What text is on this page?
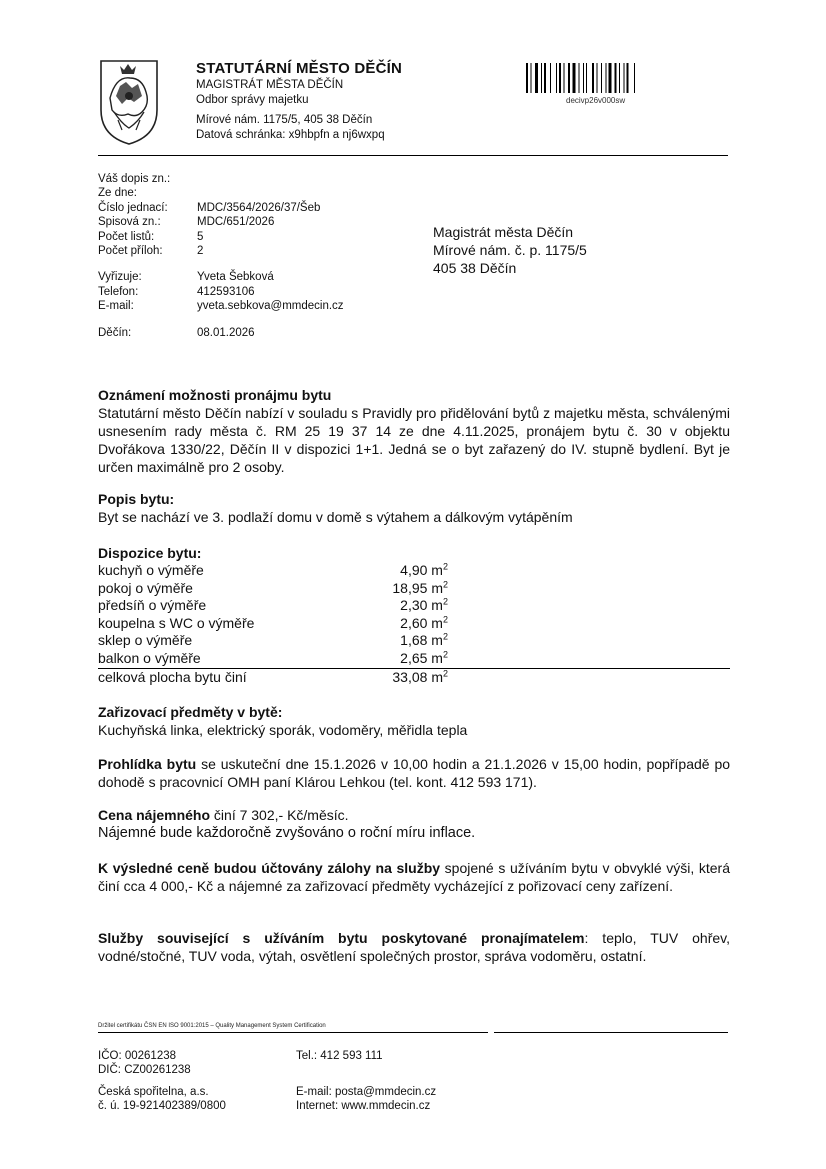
STATUTÁRNÍ MĚSTO DĚČÍN
MAGISTRÁT MĚSTA DĚČÍN
Odbor správy majetku
Mírové nám. 1175/5, 405 38 Děčín
Datová schránka: x9hbpfn a nj6wxpq
decivp26v000sw
Váš dopis zn.:
Ze dne:
Číslo jednací:	MDC/3564/2026/37/Šeb
Spisová zn.:	MDC/651/2026
Počet listů:	5
Počet příloh:	2
Vyřizuje:	Yveta Šebková
Telefon:	412593106
E-mail:	yveta.sebkova@mmdecin.cz
Děčín:	08.01.2026
Magistrát města Děčín
Mírové nám. č. p. 1175/5
405 38 Děčín
Oznámení možnosti pronájmu bytu
Statutární město Děčín nabízí v souladu s Pravidly pro přidělování bytů z majetku města, schválenými usnesením rady města č. RM 25 19 37 14 ze dne 4.11.2025, pronájem bytu č. 30 v objektu Dvořákova 1330/22, Děčín II v dispozici 1+1. Jedná se o byt zařazený do IV. stupně bydlení. Byt je určen maximálně pro 2 osoby.
Popis bytu:
Byt se nachází ve 3. podlaží domu v domě s výtahem a dálkovým vytápěním
Dispozice bytu:
kuchyň o výměře	4,90 $m^2$
pokoj o výměře	18,95 $m^2$
předsíň o výměře	2,30 $m^2$
koupelna s WC o výměře	2,60 $m^2$
sklep o výměře	1,68 $m^2$
balkon o výměře	2,65 $m^2$
celková plocha bytu činí	33,08 $m^2$
Zařizovací předměty v bytě:
Kuchyňská linka, elektrický sporák, vodoměry, měřidla tepla
Prohlídka bytu se uskuteční dne 15.1.2026 v 10,00 hodin a 21.1.2026 v 15,00 hodin, popřípadě po dohodě s pracovnicí OMH paní Klárou Lehkou (tel. kont. 412 593 171).
Cena nájemného činí 7 302,- Kč/měsíc.
Nájemné bude každoročně zvyšováno o roční míru inflace.
K výsledné ceně budou účtovány zálohy na služby spojené s užíváním bytu v obvyklé výši, která činí cca 4 000,- Kč a nájemné za zařizovací předměty vycházející z pořizovací ceny zařízení.
Služby související s užíváním bytu poskytované pronajímatelem: teplo, TUV ohřev, vodné/stočné, TUV voda, výtah, osvětlení společných prostor, správa vodoměru, ostatní.
Držitel certifikátu ČSN EN ISO 9001:2015 – Quality Management System Certification
IČO: 00261238
DIČ: CZ00261238
Česká spořitelna, a.s.
č. ú. 19-921402389/0800
Tel.: 412 593 111
E-mail: posta@mmdecin.cz
Internet: www.mmdecin.cz
